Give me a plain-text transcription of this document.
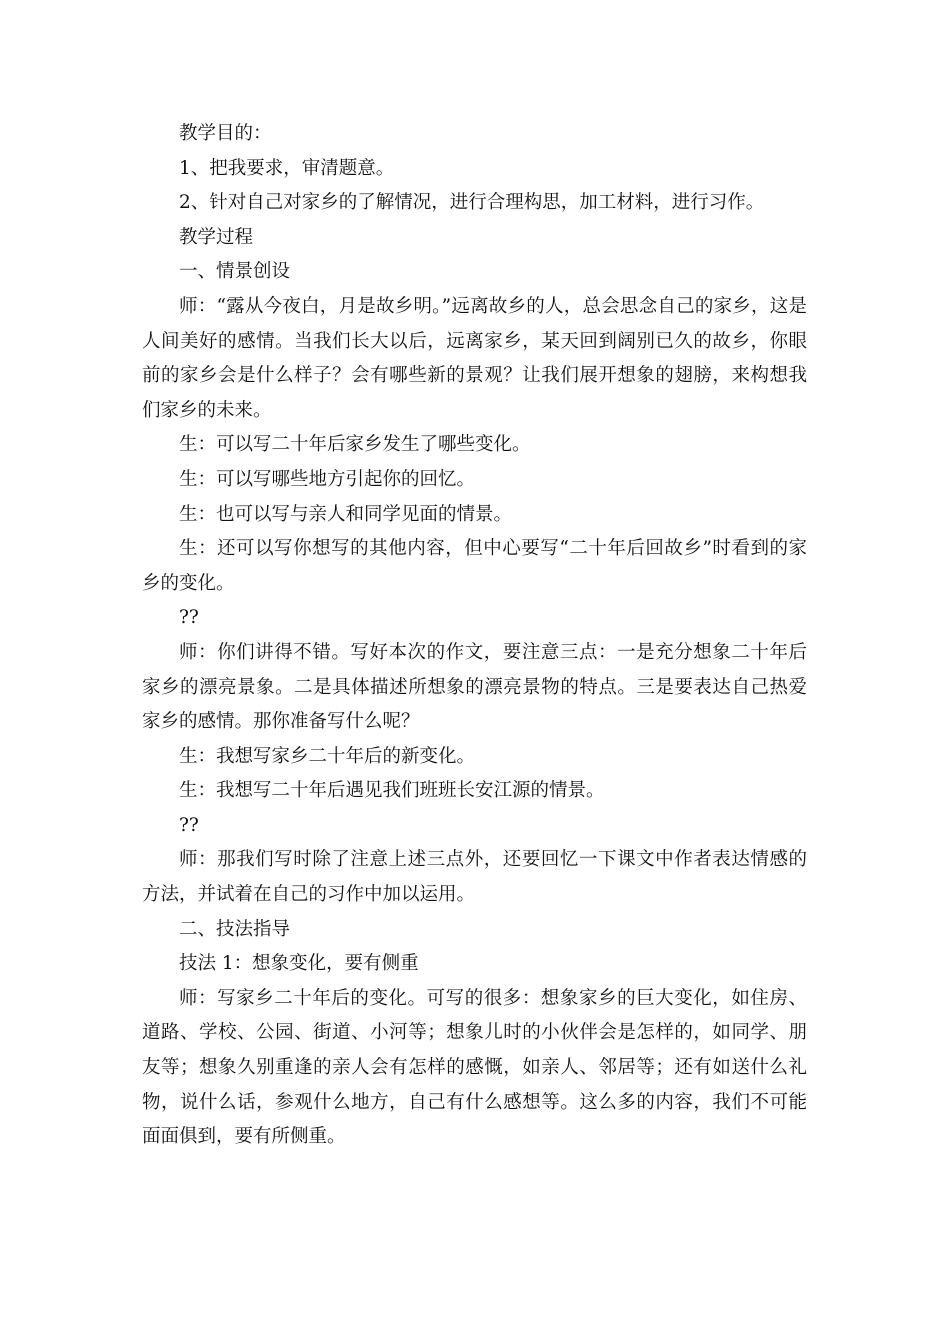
教学目的：

1、把我要求，审清题意。

2、针对自己对家乡的了解情况，进行合理构思，加工材料，进行习作。

教学过程

一、情景创设

师：“露从今夜白，月是故乡明。”远离故乡的人，总会思念自己的家乡，这是人间美好的感情。当我们长大以后，远离家乡，某天回到阔别已久的故乡，你眼前的家乡会是什么样子？会有哪些新的景观？让我们展开想象的翅膀，来构想我们家乡的未来。

生：可以写二十年后家乡发生了哪些变化。

生：可以写哪些地方引起你的回忆。

生：也可以写与亲人和同学见面的情景。

生：还可以写你想写的其他内容，但中心要写“二十年后回故乡”时看到的家乡的变化。

??

师：你们讲得不错。写好本次的作文，要注意三点：一是充分想象二十年后家乡的漂亮景象。二是具体描述所想象的漂亮景物的特点。三是要表达自己热爱家乡的感情。那你准备写什么呢？

生：我想写家乡二十年后的新变化。

生：我想写二十年后遇见我们班班长安江源的情景。

??

师：那我们写时除了注意上述三点外，还要回忆一下课文中作者表达情感的方法，并试着在自己的习作中加以运用。

二、技法指导

技法 1：想象变化，要有侧重

师：写家乡二十年后的变化。可写的很多：想象家乡的巨大变化，如住房、道路、学校、公园、街道、小河等；想象儿时的小伙伴会是怎样的，如同学、朋友等；想象久别重逢的亲人会有怎样的感慨，如亲人、邻居等；还有如送什么礼物，说什么话，参观什么地方，自己有什么感想等。这么多的内容，我们不可能面面俱到，要有所侧重。
